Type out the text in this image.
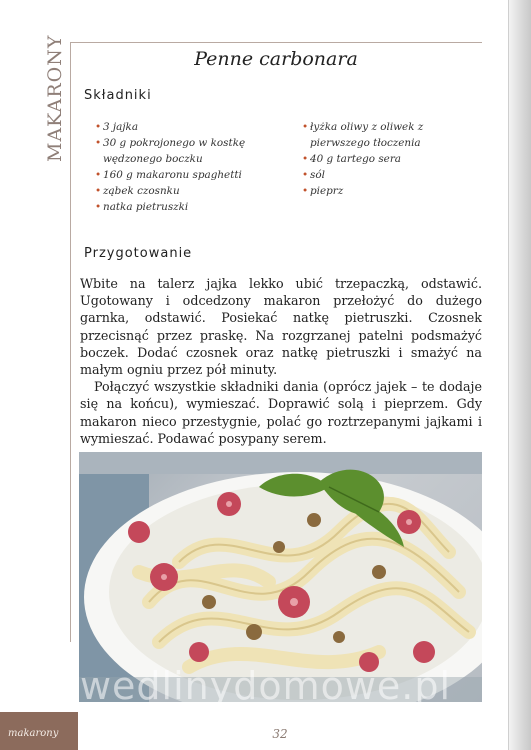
MAKARONY	Penne carbonara
Składniki
• 3 jajka
• 30 g pokrojonego w kostkę wędzonego boczku
• 160 g makaronu spaghetti
• ząbek czosnku
• natka pietruszki
• łyżka oliwy z oliwek z pierwszego tłoczenia
• 40 g tartego sera
• sól
• pieprz
Przygotowanie

Wbite na talerz jajka lekko ubić trzepaczką, odstawić. Ugotowany i odcedzony makaron przełożyć do dużego garnka, odstawić. Posiekać natkę pietruszki. Czosnek przecisnąć przez praskę. Na rozgrzanej patelni podsmażyć boczek. Dodać czosnek oraz natkę pietruszki i smażyć na małym ogniu przez pół minuty.

Połączyć wszystkie składniki dania (oprócz jajek – te dodaje się na końcu), wymieszać. Doprawić solą i pieprzem. Gdy makaron nieco przestygnie, polać go roztrzepanymi jajkami i wymieszać. Podawać posypany serem.

wedlinydomowe.pl
makarony	32
